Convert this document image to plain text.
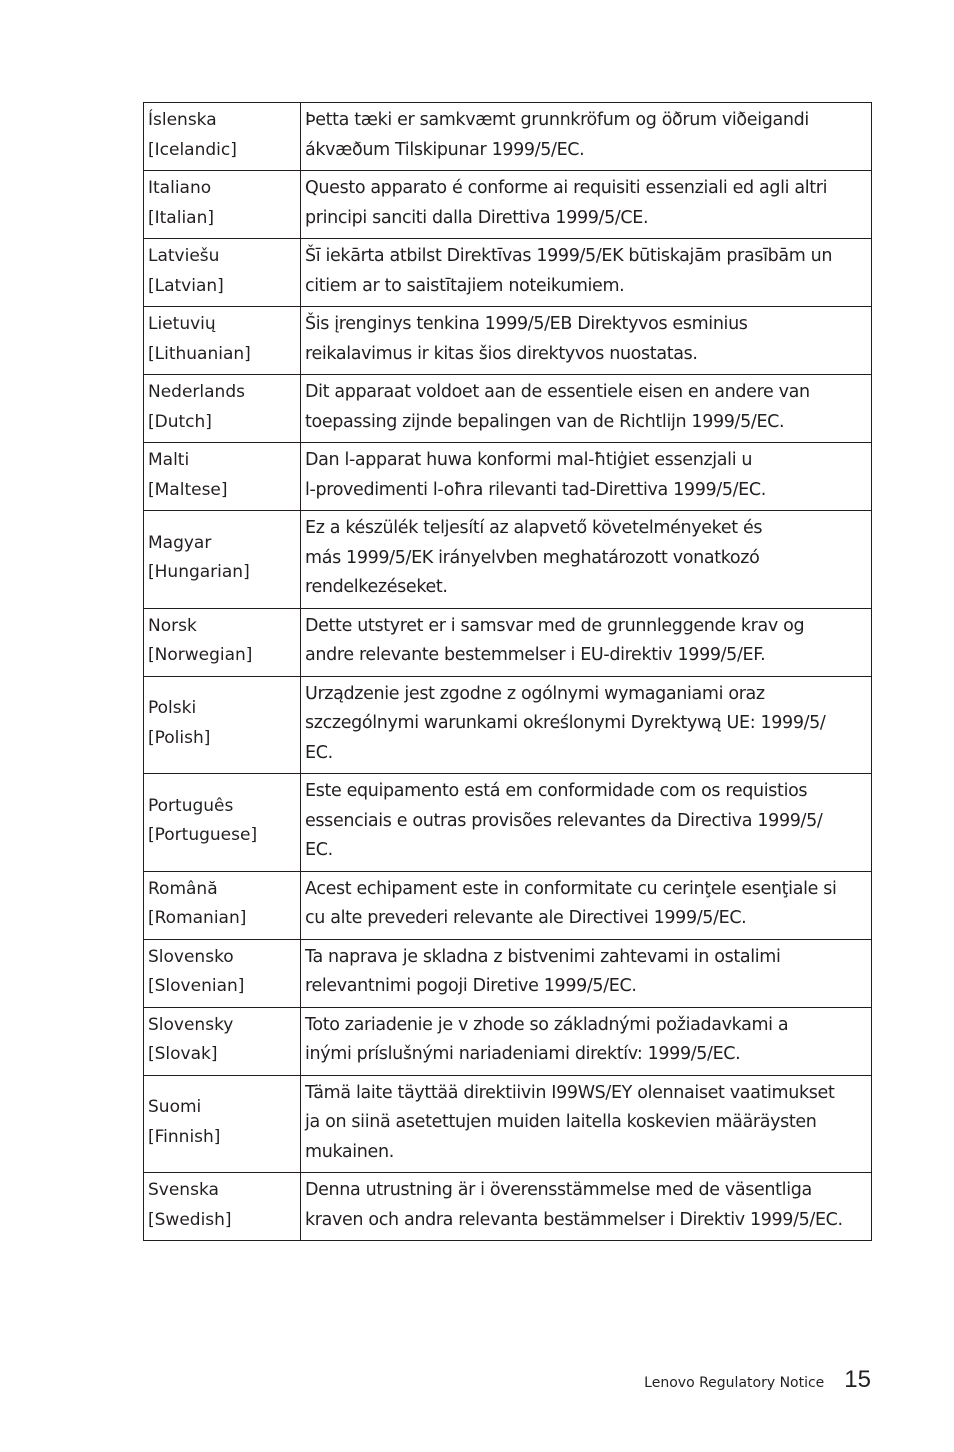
Íslenska
[Icelandic]	Þetta tæki er samkvæmt grunnkröfum og öðrum viðeigandi
ákvæðum Tilskipunar 1999/5/EC.

Italiano
[Italian]	Questo apparato é conforme ai requisiti essenziali ed agli altri
principi sanciti dalla Direttiva 1999/5/CE.

Latviešu
[Latvian]	Šī iekārta atbilst Direktīvas 1999/5/EK būtiskajām prasībām un
citiem ar to saistītajiem noteikumiem.

Lietuvių
[Lithuanian]	Šis įrenginys tenkina 1999/5/EB Direktyvos esminius
reikalavimus ir kitas šios direktyvos nuostatas.

Nederlands
[Dutch]	Dit apparaat voldoet aan de essentiele eisen en andere van
toepassing zijnde bepalingen van de Richtlijn 1999/5/EC.

Malti
[Maltese]	Dan l-apparat huwa konformi mal-ħtiġiet essenzjali u
l-provedimenti l-oħra rilevanti tad-Direttiva 1999/5/EC.

Magyar
[Hungarian]	Ez a készülék teljesítí az alapvető követelményeket és
más 1999/5/EK irányelvben meghatározott vonatkozó
rendelkezéseket.

Norsk
[Norwegian]	Dette utstyret er i samsvar med de grunnleggende krav og
andre relevante bestemmelser i EU-direktiv 1999/5/EF.

Polski
[Polish]	Urządzenie jest zgodne z ogólnymi wymaganiami oraz
szczególnymi warunkami określonymi Dyrektywą UE: 1999/5/
EC.

Português
[Portuguese]	Este equipamento está em conformidade com os requistios
essenciais e outras provisões relevantes da Directiva 1999/5/
EC.

Română
[Romanian]	Acest echipament este in conformitate cu cerinţele esenţiale si
cu alte prevederi relevante ale Directivei 1999/5/EC.

Slovensko
[Slovenian]	Ta naprava je skladna z bistvenimi zahtevami in ostalimi
relevantnimi pogoji Diretive 1999/5/EC.

Slovensky
[Slovak]	Toto zariadenie je v zhode so základnými požiadavkami a
inými príslušnými nariadeniami direktív: 1999/5/EC.

Suomi
[Finnish]	Tämä laite täyttää direktiivin I99WS/EY olennaiset vaatimukset
ja on siinä asetettujen muiden laitella koskevien määräysten
mukainen.

Svenska
[Swedish]	Denna utrustning är i överensstämmelse med de väsentliga
kraven och andra relevanta bestämmelser i Direktiv 1999/5/EC.
Lenovo Regulatory Notice 15
